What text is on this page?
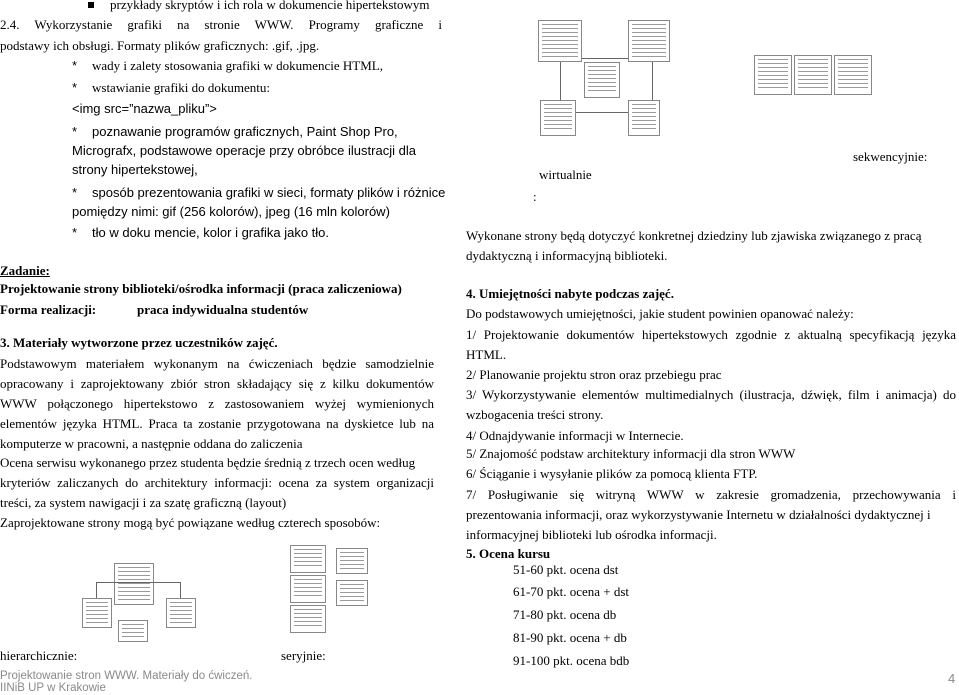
przykłady skryptów i ich rola w dokumencie hipertekstowym
2.4. Wykorzystanie grafiki na stronie WWW. Programy graficzne i
podstawy ich obsługi. Formaty plików graficznych: .gif, .jpg.
* wady i zalety stosowania grafiki w dokumencie HTML,
* wstawianie grafiki do dokumentu:
<img src=”nazwa_pliku”>
* poznawanie programów graficznych, Paint Shop Pro,
Micrografx, podstawowe operacje przy obróbce ilustracji dla
strony hipertekstowej,
* sposób prezentowania grafiki w sieci, formaty plików i różnice
pomiędzy nimi: gif (256 kolorów), jpeg (16 mln kolorów)
* tło w doku mencie, kolor i grafika jako tło.
Zadanie:
Projektowanie strony biblioteki/ośrodka informacji (praca zaliczeniowa)
Forma realizacji:	praca indywidualna studentów
3. Materiały wytworzone przez uczestników zajęć.
Podstawowym materiałem wykonanym na ćwiczeniach będzie samodzielnie
opracowany i zaprojektowany zbiór stron składający się z kilku dokumentów
WWW połączonego hipertekstowo z zastosowaniem wyżej wymienionych
elementów języka HTML. Praca ta zostanie przygotowana na dyskietce lub na
komputerze w pracowni, a następnie oddana do zaliczenia
Ocena serwisu wykonanego przez studenta będzie średnią z trzech ocen według
kryteriów zaliczanych do architektury informacji: ocena za system organizacji
treści, za system nawigacji i za szatę graficzną (layout)
Zaprojektowane strony mogą być powiązane według czterech sposobów:
hierarchicznie:	seryjnie:
Projektowanie stron WWW. Materiały do ćwiczeń.
IINiB UP w Krakowie
wirtualnie
:
sekwencyjnie:
Wykonane strony będą dotyczyć konkretnej dziedziny lub zjawiska związanego z pracą
dydaktyczną i informacyjną biblioteki.
4. Umiejętności nabyte podczas zajęć.
Do podstawowych umiejętności, jakie student powinien opanować należy:
1/ Projektowanie dokumentów hipertekstowych zgodnie z aktualną specyfikacją języka
HTML.
2/ Planowanie projektu stron oraz przebiegu prac
3/ Wykorzystywanie elementów multimedialnych (ilustracja, dźwięk, film i animacja) do
wzbogacenia treści strony.
4/ Odnajdywanie informacji w Internecie.
5/ Znajomość podstaw architektury informacji dla stron WWW
6/ Ściąganie i wysyłanie plików za pomocą klienta FTP.
7/ Posługiwanie się witryną WWW w zakresie gromadzenia, przechowywania i
prezentowania informacji, oraz wykorzystywanie Internetu w działalności dydaktycznej i
informacyjnej biblioteki lub ośrodka informacji.
5. Ocena kursu
51-60 pkt. ocena dst
61-70 pkt. ocena + dst
71-80 pkt. ocena db
81-90 pkt. ocena + db
91-100 pkt. ocena bdb
4
